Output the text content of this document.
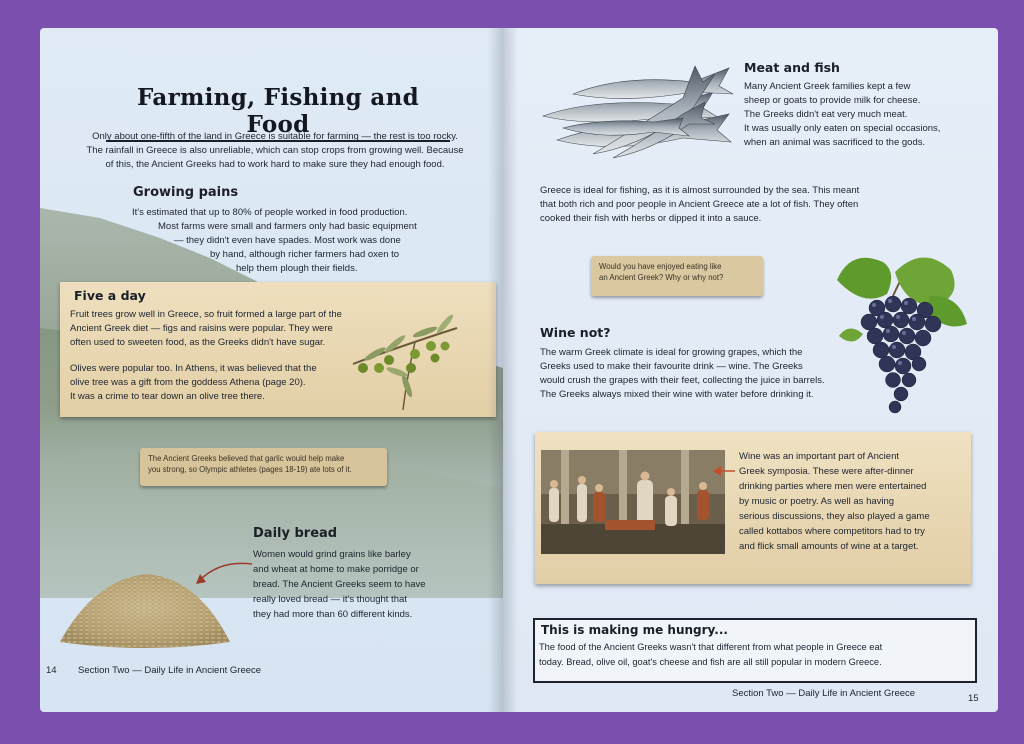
Farming, Fishing and Food
Only about one-fifth of the land in Greece is suitable for farming — the rest is too rocky.
The rainfall in Greece is also unreliable, which can stop crops from growing well. Because
of this, the Ancient Greeks had to work hard to make sure they had enough food.
Growing pains
It's estimated that up to 80% of people worked in food production.
Most farms were small and farmers only had basic equipment
— they didn't even have spades. Most work was done
by hand, although richer farmers had oxen to
help them plough their fields.
Five a day
Fruit trees grow well in Greece, so fruit formed a large part of the
Ancient Greek diet — figs and raisins were popular. They were
often used to sweeten food, as the Greeks didn't have sugar.
Olives were popular too. In Athens, it was believed that the
olive tree was a gift from the goddess Athena (page 20).
It was a crime to tear down an olive tree there.
The Ancient Greeks believed that garlic would help make
you strong, so Olympic athletes (pages 18-19) ate lots of it.
Daily bread
Women would grind grains like barley
and wheat at home to make porridge or
bread. The Ancient Greeks seem to have
really loved bread — it's thought that
they had more than 60 different kinds.
14 Section Two — Daily Life in Ancient Greece
Meat and fish
Many Ancient Greek families kept a few
sheep or goats to provide milk for cheese.
The Greeks didn't eat very much meat.
It was usually only eaten on special occasions,
when an animal was sacrificed to the gods.
Greece is ideal for fishing, as it is almost surrounded by the sea. This meant
that both rich and poor people in Ancient Greece ate a lot of fish. They often
cooked their fish with herbs or dipped it into a sauce.
Would you have enjoyed eating like
an Ancient Greek? Why or why not?
Wine not?
The warm Greek climate is ideal for growing grapes, which the
Greeks used to make their favourite drink — wine. The Greeks
would crush the grapes with their feet, collecting the juice in barrels.
The Greeks always mixed their wine with water before drinking it.
Wine was an important part of Ancient
Greek symposia. These were after-dinner
drinking parties where men were entertained
by music or poetry. As well as having
serious discussions, they also played a game
called kottabos where competitors had to try
and flick small amounts of wine at a target.
Section Two — Daily Life in Ancient Greece	15
This is making me hungry...
The food of the Ancient Greeks wasn't that different from what people in Greece eat
today. Bread, olive oil, goat's cheese and fish are all still popular in modern Greece.
